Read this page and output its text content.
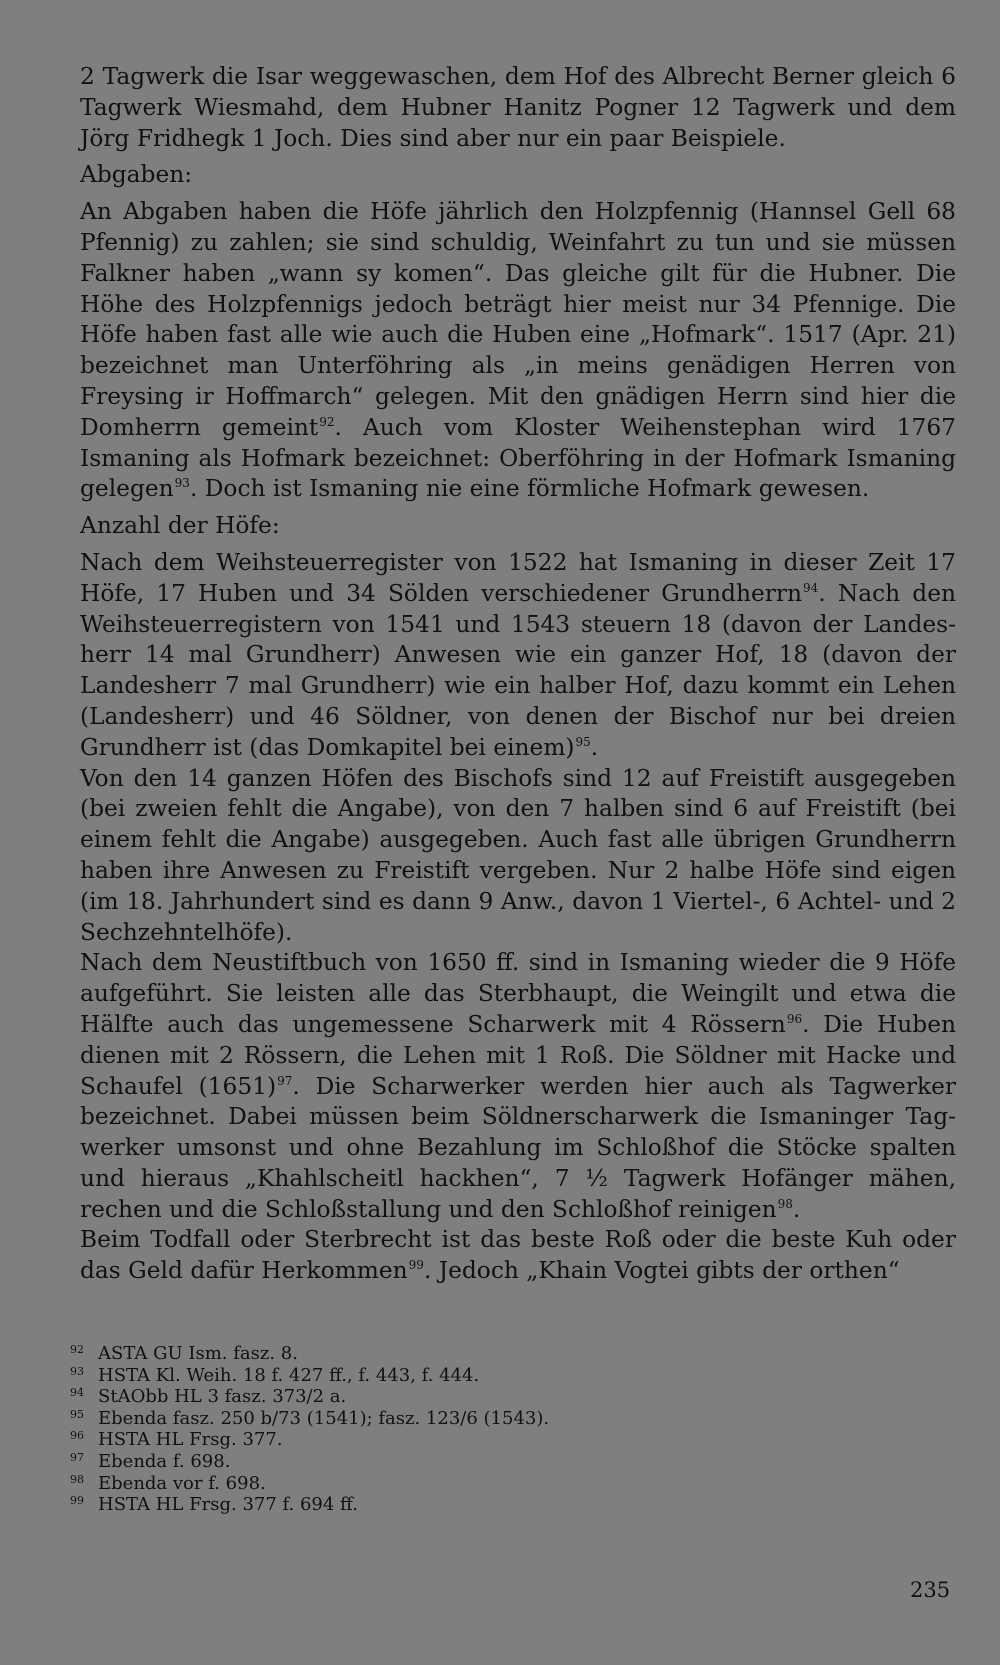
2 Tagwerk die Isar weggewaschen, dem Hof des Albrecht Berner gleich 6 Tagwerk Wiesmahd, dem Hubner Hanitz Pogner 12 Tagwerk und dem Jörg Fridhegk 1 Joch. Dies sind aber nur ein paar Beispiele.

Abgaben:

An Abgaben haben die Höfe jährlich den Holzpfennig (Hannsel Gell 68 Pfennig) zu zahlen; sie sind schuldig, Weinfahrt zu tun und sie müssen Falkner haben „wann sy komen“. Das gleiche gilt für die Hubner. Die Höhe des Holzpfennigs jedoch beträgt hier meist nur 34 Pfennige. Die Höfe haben fast alle wie auch die Huben eine „Hofmark“. 1517 (Apr. 21) bezeichnet man Unterföhring als „in meins genädigen Herren von Freysing ir Hoffmarch“ gelegen. Mit den gnädigen Herrn sind hier die Domherrn gemeint$^{92}$. Auch vom Kloster Weihenstephan wird 1767 Ismaning als Hofmark bezeichnet: Oberföhring in der Hofmark Ismaning gelegen$^{93}$. Doch ist Ismaning nie eine förmliche Hofmark gewesen.

Anzahl der Höfe:

Nach dem Weihsteuerregister von 1522 hat Ismaning in dieser Zeit 17 Höfe, 17 Huben und 34 Sölden verschiedener Grundherrn$^{94}$. Nach den Weihsteuerregistern von 1541 und 1543 steuern 18 (davon der Landesherr 14 mal Grundherr) Anwesen wie ein ganzer Hof, 18 (davon der Landesherr 7 mal Grundherr) wie ein halber Hof, dazu kommt ein Lehen (Landesherr) und 46 Söldner, von denen der Bischof nur bei dreien Grundherr ist (das Domkapitel bei einem)$^{95}$.

Von den 14 ganzen Höfen des Bischofs sind 12 auf Freistift ausgegeben (bei zweien fehlt die Angabe), von den 7 halben sind 6 auf Freistift (bei einem fehlt die Angabe) ausgegeben. Auch fast alle übrigen Grundherrn haben ihre Anwesen zu Freistift vergeben. Nur 2 halbe Höfe sind eigen (im 18. Jahrhundert sind es dann 9 Anw., davon 1 Viertel-, 6 Achtel- und 2 Sechzehntelhöfe).

Nach dem Neustiftbuch von 1650 ff. sind in Ismaning wieder die 9 Höfe aufgeführt. Sie leisten alle das Sterbhaupt, die Weingilt und etwa die Hälfte auch das ungemessene Scharwerk mit 4 Rössern$^{96}$. Die Huben dienen mit 2 Rössern, die Lehen mit 1 Roß. Die Söldner mit Hacke und Schaufel (1651)$^{97}$. Die Scharwerker werden hier auch als Tagwerker bezeichnet. Dabei müssen beim Söldnerscharwerk die Ismaninger Tagwerker umsonst und ohne Bezahlung im Schloßhof die Stöcke spalten und hieraus „Khahlscheitl hackhen“, 7 ½ Tagwerk Hofänger mähen, rechen und die Schloßstallung und den Schloßhof reinigen$^{98}$.

Beim Todfall oder Sterbrecht ist das beste Roß oder die beste Kuh oder das Geld dafür Herkommen$^{99}$. Jedoch „Khain Vogtei gibts der orthen“

92 ASTA GU Ism. fasz. 8.
93 HSTA Kl. Weih. 18 f. 427 ff., f. 443, f. 444.
94 StAObb HL 3 fasz. 373/2 a.
95 Ebenda fasz. 250 b/73 (1541); fasz. 123/6 (1543).
96 HSTA HL Frsg. 377.
97 Ebenda f. 698.
98 Ebenda vor f. 698.
99 HSTA HL Frsg. 377 f. 694 ff.
235
